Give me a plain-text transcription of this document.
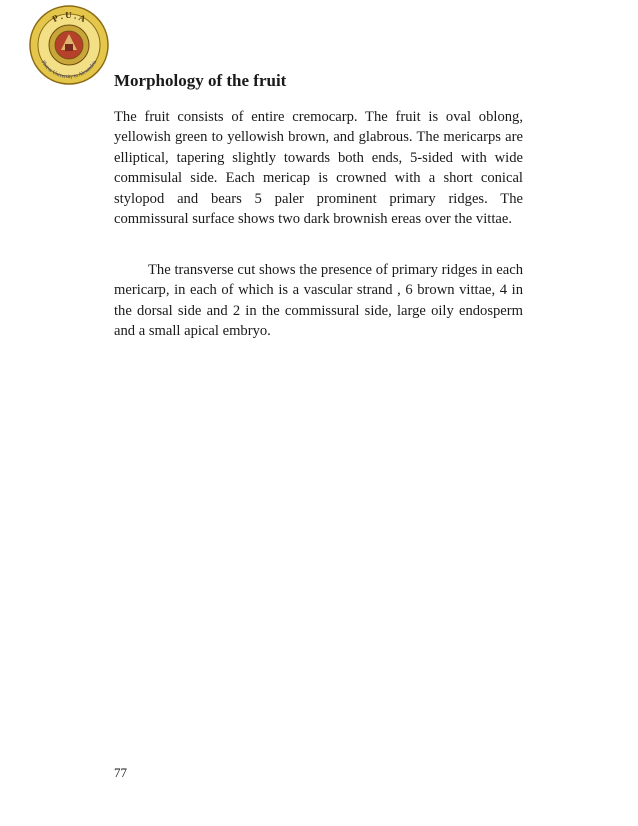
P . U . A
Pharos University in Alexandria
Morphology of the fruit

The fruit consists of entire cremocarp. The fruit is oval oblong, yellowish green to yellowish brown, and glabrous. The mericarps are elliptical, tapering slightly towards both ends, 5-sided with wide commisulal side. Each mericap is crowned with a short conical stylopod and bears 5 paler prominent primary ridges. The commissural surface shows two dark brownish ereas over the vittae.

The transverse cut shows the presence of primary ridges in each mericarp, in each of which is a vascular strand , 6 brown vittae, 4 in the dorsal side and 2 in the commissural side, large oily endosperm and a small apical embryo.

77
